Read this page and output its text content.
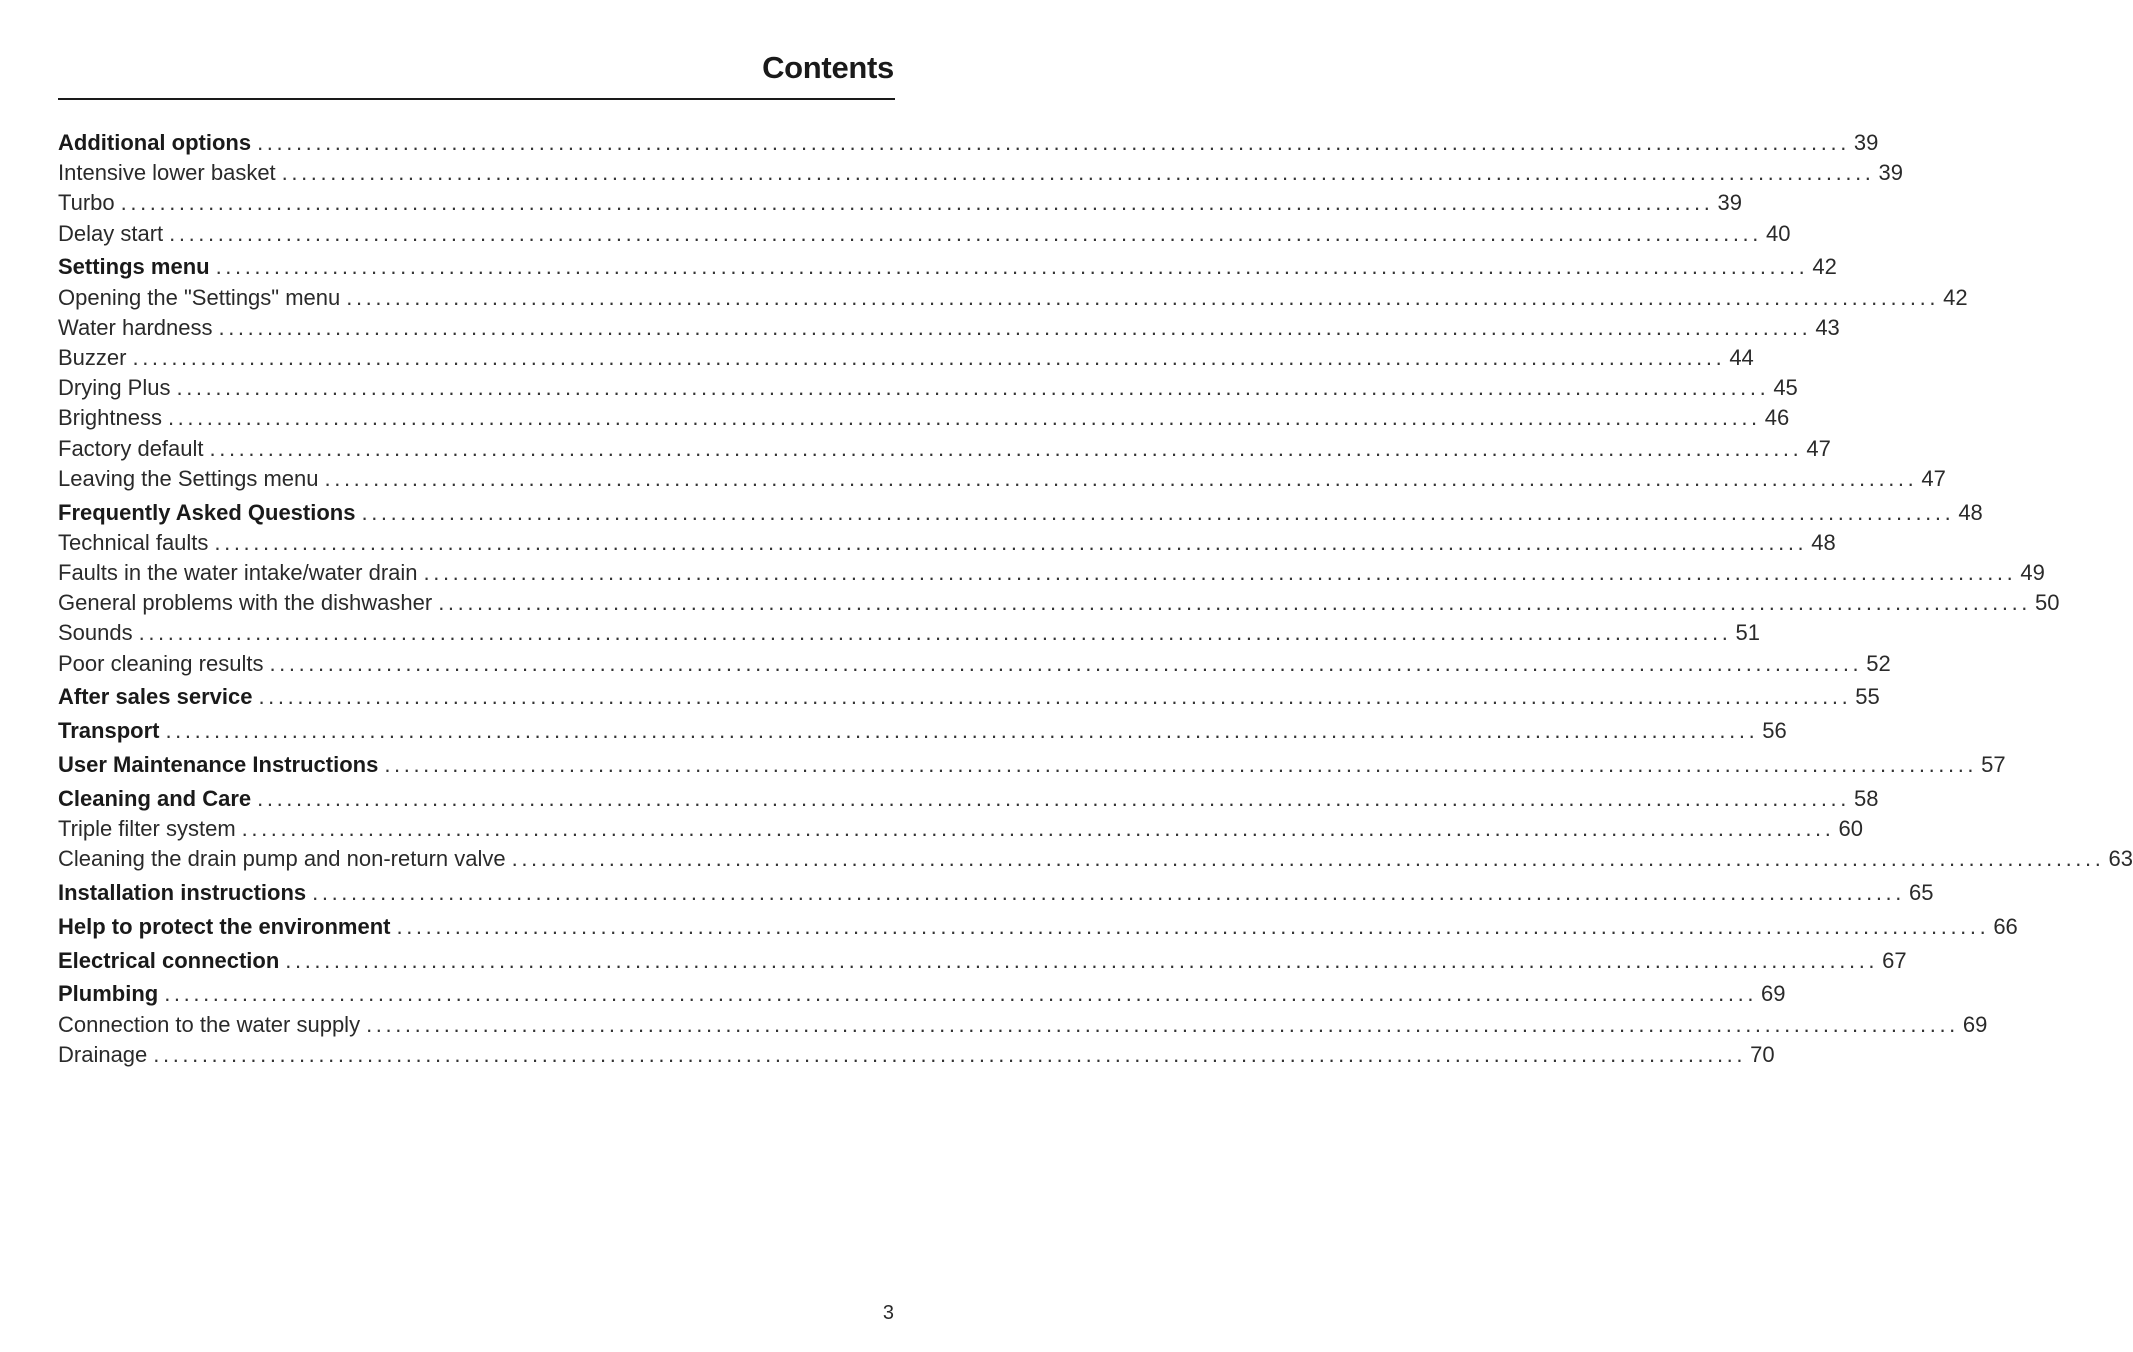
Contents
Additional options .................................................................................................................................................................... 39
Intensive lower basket .................................................................................................................................................................... 39
Turbo .................................................................................................................................................................... 39
Delay start .................................................................................................................................................................... 40
Settings menu .................................................................................................................................................................... 42
Opening the "Settings" menu .................................................................................................................................................................... 42
Water hardness .................................................................................................................................................................... 43
Buzzer .................................................................................................................................................................... 44
Drying Plus .................................................................................................................................................................... 45
Brightness .................................................................................................................................................................... 46
Factory default .................................................................................................................................................................... 47
Leaving the Settings menu .................................................................................................................................................................... 47
Frequently Asked Questions .................................................................................................................................................................... 48
Technical faults .................................................................................................................................................................... 48
Faults in the water intake/water drain .................................................................................................................................................................... 49
General problems with the dishwasher .................................................................................................................................................................... 50
Sounds .................................................................................................................................................................... 51
Poor cleaning results .................................................................................................................................................................... 52
After sales service .................................................................................................................................................................... 55
Transport .................................................................................................................................................................... 56
User Maintenance Instructions .................................................................................................................................................................... 57
Cleaning and Care .................................................................................................................................................................... 58
Triple filter system .................................................................................................................................................................... 60
Cleaning the drain pump and non-return valve .................................................................................................................................................................... 63
Installation instructions .................................................................................................................................................................... 65
Help to protect the environment .................................................................................................................................................................... 66
Electrical connection .................................................................................................................................................................... 67
Plumbing .................................................................................................................................................................... 69
Connection to the water supply .................................................................................................................................................................... 69
Drainage .................................................................................................................................................................... 70
3
